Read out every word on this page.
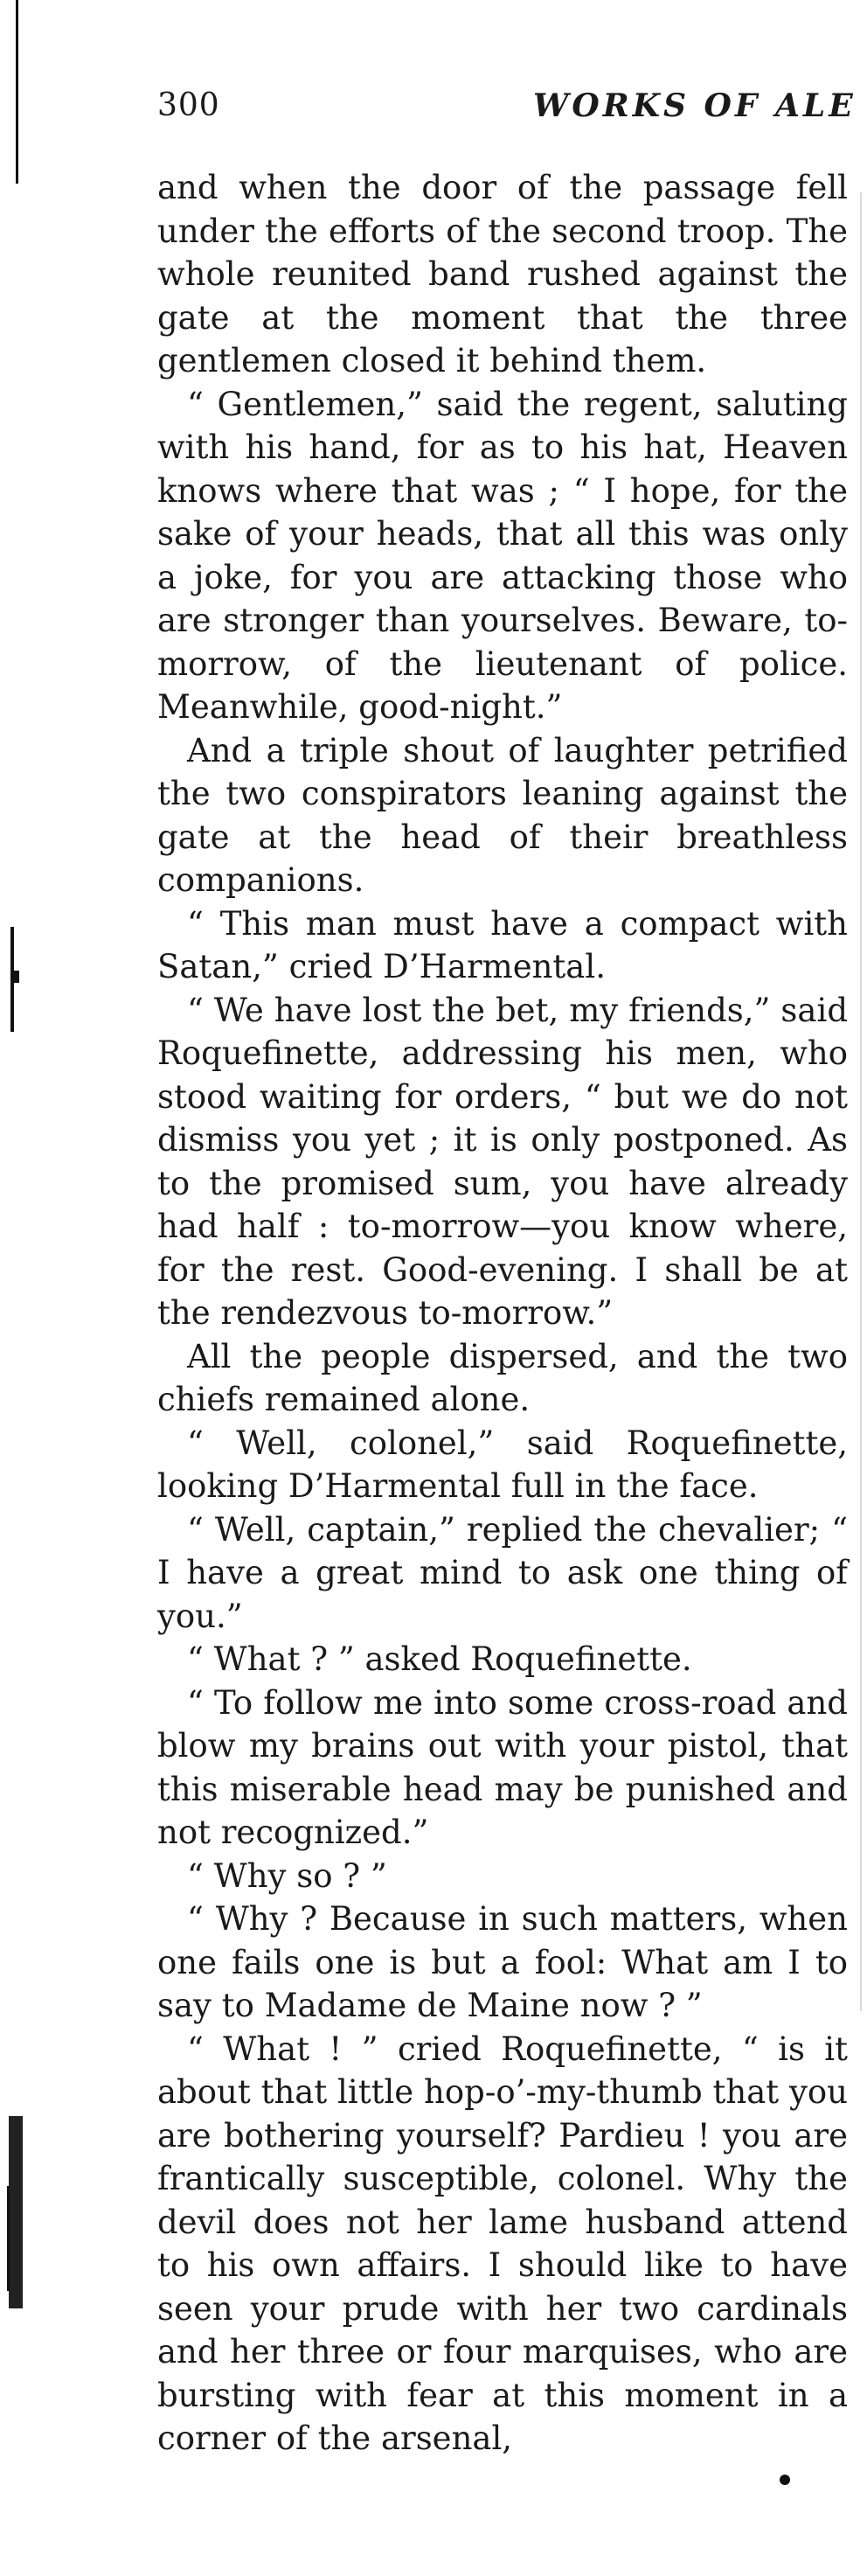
300	WORKS OF ALE

and when the door of the passage fell under the efforts of the second troop. The whole reunited band rushed against the gate at the moment that the three gentlemen closed it behind them.

“ Gentlemen,” said the regent, saluting with his hand, for as to his hat, Heaven knows where that was ; “ I hope, for the sake of your heads, that all this was only a joke, for you are attacking those who are stronger than yourselves. Beware, to-morrow, of the lieutenant of police. Meanwhile, good-night.”

And a triple shout of laughter petrified the two conspirators leaning against the gate at the head of their breathless companions.

“ This man must have a compact with Satan,” cried D’Harmental.

“ We have lost the bet, my friends,” said Roquefinette, addressing his men, who stood waiting for orders, “ but we do not dismiss you yet ; it is only postponed. As to the promised sum, you have already had half : to-morrow—you know where, for the rest. Good-evening. I shall be at the rendezvous to-morrow.”

All the people dispersed, and the two chiefs remained alone.

“ Well, colonel,” said Roquefinette, looking D’Harmental full in the face.

“ Well, captain,” replied the chevalier; “ I have a great mind to ask one thing of you.”

“ What ? ” asked Roquefinette.

“ To follow me into some cross-road and blow my brains out with your pistol, that this miserable head may be punished and not recognized.”

“ Why so ? ”

“ Why ? Because in such matters, when one fails one is but a fool: What am I to say to Madame de Maine now ? ”

“ What ! ” cried Roquefinette, “ is it about that little hop-o’-my-thumb that you are bothering yourself? Pardieu ! you are frantically susceptible, colonel. Why the devil does not her lame husband attend to his own affairs. I should like to have seen your prude with her two cardinals and her three or four marquises, who are bursting with fear at this moment in a corner of the arsenal,
